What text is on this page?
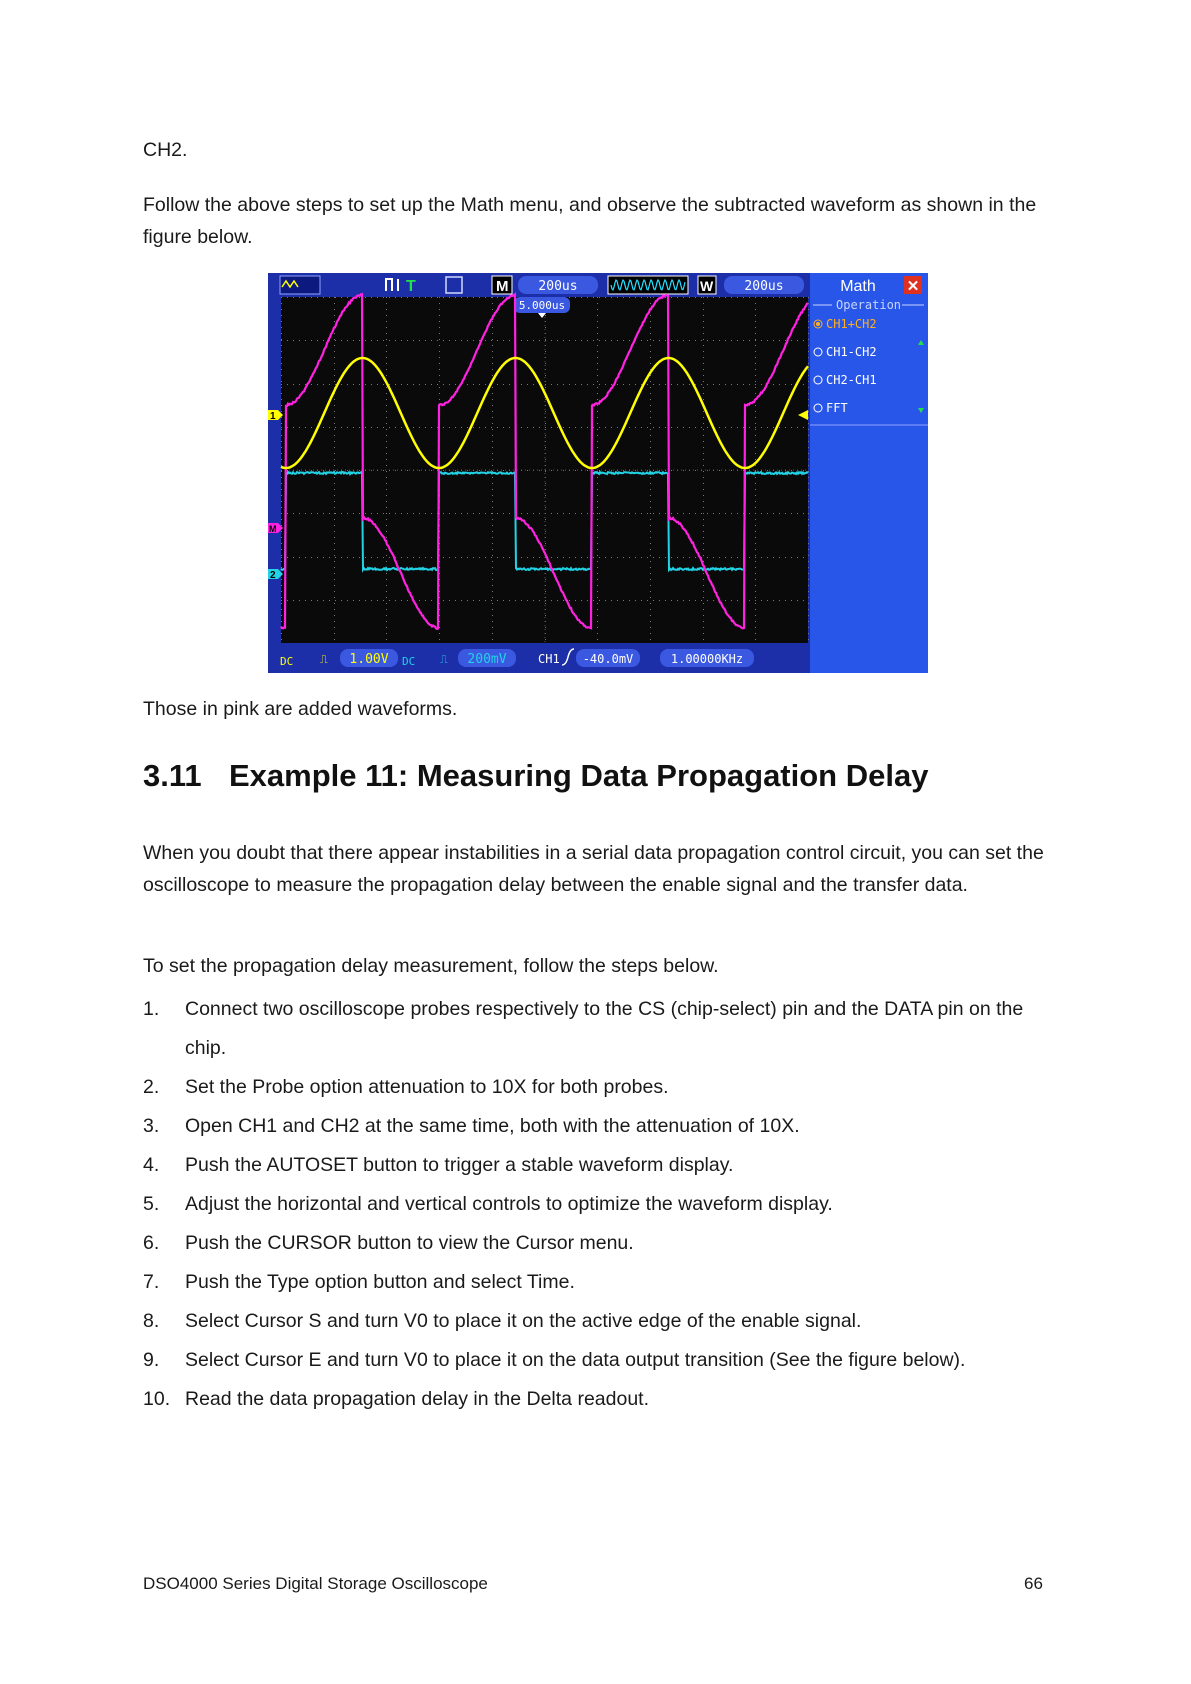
CH2.

Follow the above steps to set up the Math menu, and observe the subtracted waveform as shown in the figure below.

Those in pink are added waveforms.

3.11 Example 11: Measuring Data Propagation Delay

When you doubt that there appear instabilities in a serial data propagation control circuit, you can set the oscilloscope to measure the propagation delay between the enable signal and the transfer data.

To set the propagation delay measurement, follow the steps below.

1. Connect two oscilloscope probes respectively to the CS (chip-select) pin and the DATA pin on the chip.
2. Set the Probe option attenuation to 10X for both probes.
3. Open CH1 and CH2 at the same time, both with the attenuation of 10X.
4. Push the AUTOSET button to trigger a stable waveform display.
5. Adjust the horizontal and vertical controls to optimize the waveform display.
6. Push the CURSOR button to view the Cursor menu.
7. Push the Type option button and select Time.
8. Select Cursor S and turn V0 to place it on the active edge of the enable signal.
9. Select Cursor E and turn V0 to place it on the data output transition (See the figure below).
10. Read the data propagation delay in the Delta readout.
T	M 200us	W 200us
5.000us
1
M
2
DC ⎍ 1.00V DC ⎍ 200mV	CH1 -40.0mV	1.00000KHz
Math ✕
Operation
CH1+CH2
CH1-CH2
CH2-CH1
FFT
DSO4000 Series Digital Storage Oscilloscope	66
